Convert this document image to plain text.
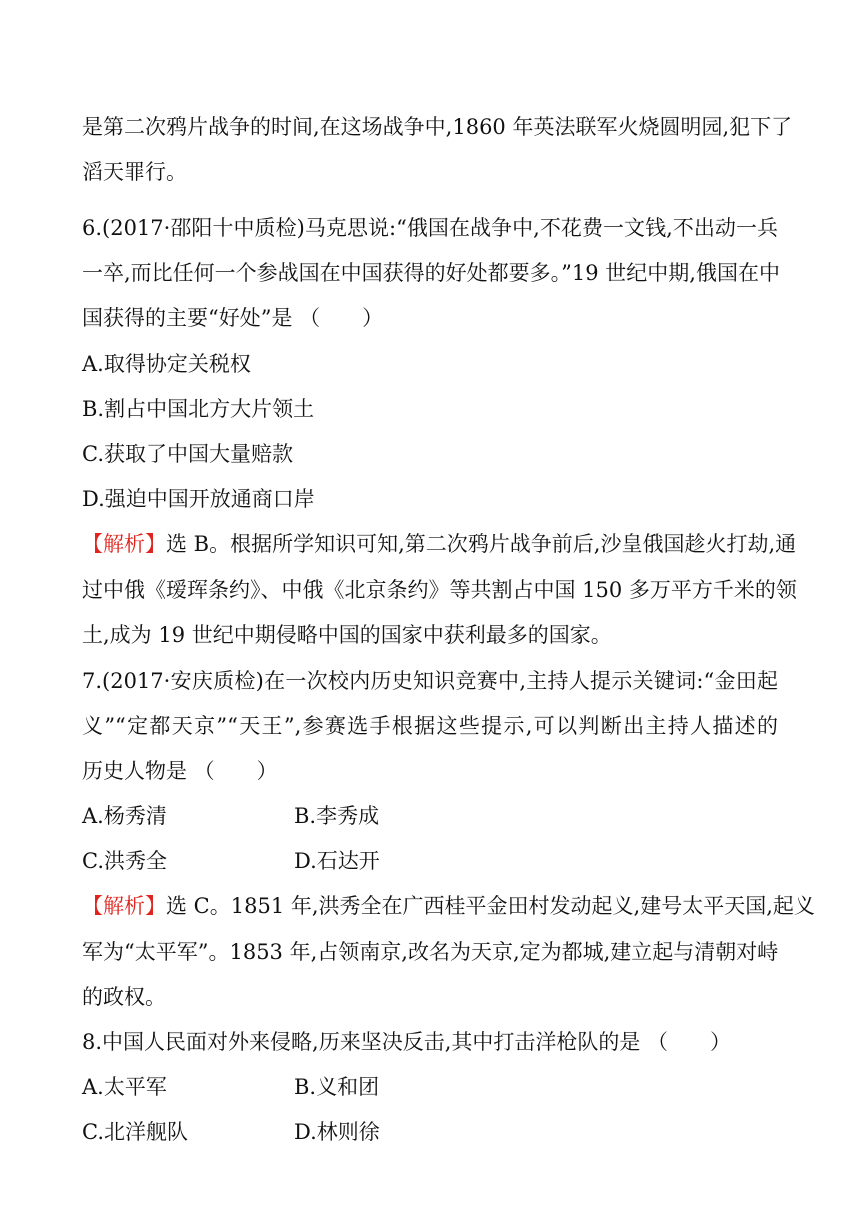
是第二次鸦片战争的时间,在这场战争中,1860 年英法联军火烧圆明园,犯下了
滔天罪行。
6.(2017·邵阳十中质检)马克思说:“俄国在战争中,不花费一文钱,不出动一兵
一卒,而比任何一个参战国在中国获得的好处都要多。”19 世纪中期,俄国在中
国获得的主要“好处”是 （　　）
A.取得协定关税权
B.割占中国北方大片领土
C.获取了中国大量赔款
D.强迫中国开放通商口岸
【解析】选 B。根据所学知识可知,第二次鸦片战争前后,沙皇俄国趁火打劫,通
过中俄《瑷珲条约》、中俄《北京条约》等共割占中国 150 多万平方千米的领
土,成为 19 世纪中期侵略中国的国家中获利最多的国家。
7.(2017·安庆质检)在一次校内历史知识竞赛中,主持人提示关键词:“金田起
义”“定都天京”“天王”,参赛选手根据这些提示,可以判断出主持人描述的
历史人物是 （　　）
A.杨秀清	B.李秀成
C.洪秀全	D.石达开
【解析】选 C。1851 年,洪秀全在广西桂平金田村发动起义,建号太平天国,起义
军为“太平军”。1853 年,占领南京,改名为天京,定为都城,建立起与清朝对峙
的政权。
8.中国人民面对外来侵略,历来坚决反击,其中打击洋枪队的是 （　　）
A.太平军	B.义和团
C.北洋舰队	D.林则徐
